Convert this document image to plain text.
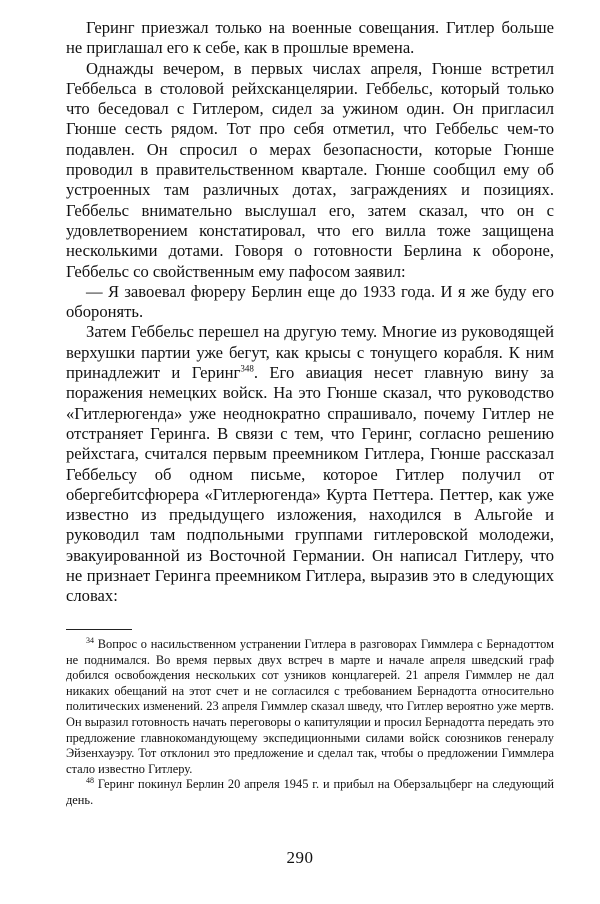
Геринг приезжал только на военные совещания. Гитлер больше не приглашал его к себе, как в прошлые времена.

Однажды вечером, в первых числах апреля, Гюнше встретил Геббельса в столовой рейхсканцелярии. Геббельс, который только что беседовал с Гитлером, сидел за ужином один. Он пригласил Гюнше сесть рядом. Тот про себя отметил, что Геббельс чем-то подавлен. Он спросил о мерах безопасности, которые Гюнше проводил в правительственном квартале. Гюнше сообщил ему об устроенных там различных дотах, заграждениях и позициях. Геббельс внимательно выслушал его, затем сказал, что он с удовлетворением констатировал, что его вилла тоже защищена несколькими дотами. Говоря о готовности Берлина к обороне, Геббельс со свойственным ему пафосом заявил:

— Я завоевал фюреру Берлин еще до 1933 года. И я же буду его оборонять.

Затем Геббельс перешел на другую тему. Многие из руководящей верхушки партии уже бегут, как крысы с тонущего корабля. К ним принадлежит и Геринг$^{348}$. Его авиация несет главную вину за поражения немецких войск. На это Гюнше сказал, что руководство «Гитлерюгенда» уже неоднократно спрашивало, почему Гитлер не отстраняет Геринга. В связи с тем, что Геринг, согласно решению рейхстага, считался первым преемником Гитлера, Гюнше рассказал Геббельсу об одном письме, которое Гитлер получил от обергебитсфюрера «Гитлерюгенда» Курта Петтера. Петтер, как уже известно из предыдущего изложения, находился в Альгойе и руководил там подпольными группами гитлеровской молодежи, эвакуированной из Восточной Германии. Он написал Гитлеру, что не признает Геринга преемником Гитлера, выразив это в следующих словах:

$^{34}$ Вопрос о насильственном устранении Гитлера в разговорах Гиммлера с Бернадоттом не поднимался. Во время первых двух встреч в марте и начале апреля шведский граф добился освобождения нескольких сот узников концлагерей. 21 апреля Гиммлер не дал никаких обещаний на этот счет и не согласился с требованием Бернадотта относительно политических изменений. 23 апреля Гиммлер сказал шведу, что Гитлер вероятно уже мертв. Он выразил готовность начать переговоры о капитуляции и просил Бернадотта передать это предложение главнокомандующему экспедиционными силами войск союзников генералу Эйзенхауэру. Тот отклонил это предложение и сделал так, чтобы о предложении Гиммлера стало известно Гитлеру.

$^{48}$ Геринг покинул Берлин 20 апреля 1945 г. и прибыл на Оберзальцберг на следующий день.

290
